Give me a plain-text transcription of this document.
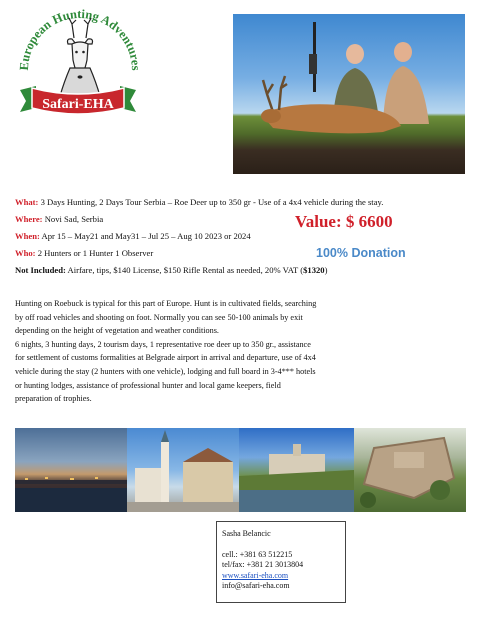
European Hunting Adventures
Safari-EHA
What: 3 Days Hunting, 2 Days Tour Serbia – Roe Deer up to 350 gr - Use of a 4x4 vehicle during the stay.
Where: Novi Sad, Serbia
When: Apr 15 – May21 and May31 – Jul 25 – Aug 10 2023 or 2024
Who: 2 Hunters or 1 Hunter 1 Observer
Not Included: Airfare, tips, $140 License, $150 Rifle Rental as needed, 20% VAT ($1320)
Value: $ 6600
100% Donation

Hunting on Roebuck is typical for this part of Europe. Hunt is in cultivated fields, searching

by off road vehicles and shooting on foot. Normally you can see 50-100 animals by exit

depending on the height of vegetation and weather conditions.

6 nights, 3 hunting days, 2 tourism days, 1 representative roe deer up to 350 gr., assistance

for settlement of customs formalities at Belgrade airport in arrival and departure, use of 4x4

vehicle during the stay (2 hunters with one vehicle), lodging and full board in 3-4*** hotels

or hunting lodges, assistance of professional hunter and local game keepers, field

preparation of trophies.

Sasha Belancic
cell.: +381 63 512215
tel/fax: +381 21 3013804
www.safari-eha.com
info@safari-eha.com
